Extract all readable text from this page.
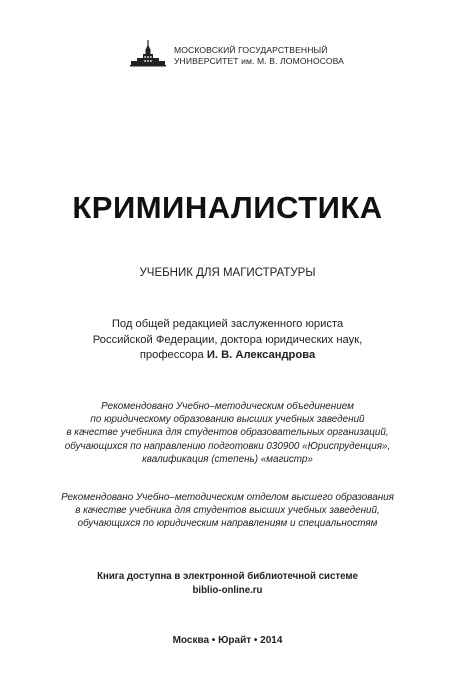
МОСКОВСКИЙ ГОСУДАРСТВЕННЫЙ
УНИВЕРСИТЕТ им. М. В. ЛОМОНОСОВА
КРИМИНАЛИСТИКА
УЧЕБНИК ДЛЯ МАГИСТРАТУРЫ
Под общей редакцией заслуженного юриста
Российской Федерации, доктора юридических наук,
профессора И. В. Александрова
Рекомендовано Учебно–методическим объединением
по юридическому образованию высших учебных заведений
в качестве учебника для студентов образовательных организаций,
обучающихся по направлению подготовки 030900 «Юриспруденция»,
квалификация (степень) «магистр»
Рекомендовано Учебно–методическим отделом высшего образования
в качестве учебника для студентов высших учебных заведений,
обучающихся по юридическим направлениям и специальностям
Книга доступна в электронной библиотечной системе
biblio-online.ru
Москва • Юрайт • 2014
